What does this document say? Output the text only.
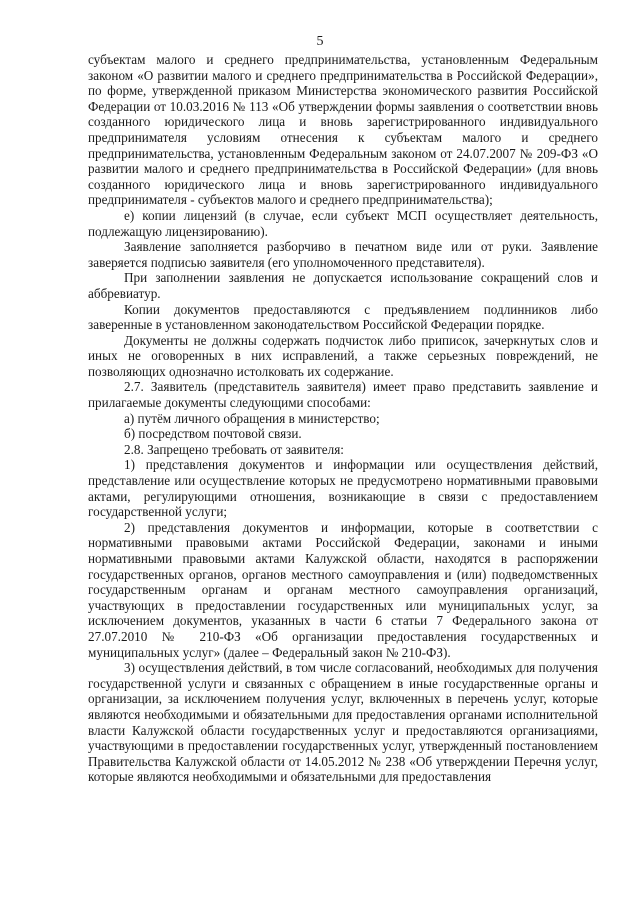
5

субъектам малого и среднего предпринимательства, установленным Федеральным законом «О развитии малого и среднего предпринимательства в Российской Федерации», по форме, утвержденной приказом Министерства экономического развития Российской Федерации от 10.03.2016 № 113 «Об утверждении формы заявления о соответствии вновь созданного юридического лица и вновь зарегистрированного индивидуального предпринимателя условиям отнесения к субъектам малого и среднего предпринимательства, установленным Федеральным законом от 24.07.2007 № 209-ФЗ «О развитии малого и среднего предпринимательства в Российской Федерации» (для вновь созданного юридического лица и вновь зарегистрированного индивидуального предпринимателя - субъектов малого и среднего предпринимательства);

е) копии лицензий (в случае, если субъект МСП осуществляет деятельность, подлежащую лицензированию).

Заявление заполняется разборчиво в печатном виде или от руки. Заявление заверяется подписью заявителя (его уполномоченного представителя).

При заполнении заявления не допускается использование сокращений слов и аббревиатур.

Копии документов предоставляются с предъявлением подлинников либо заверенные в установленном законодательством Российской Федерации порядке.

Документы не должны содержать подчисток либо приписок, зачеркнутых слов и иных не оговоренных в них исправлений, а также серьезных повреждений, не позволяющих однозначно истолковать их содержание.

2.7. Заявитель (представитель заявителя) имеет право представить заявление и прилагаемые документы следующими способами:

а) путём личного обращения в министерство;

б) посредством почтовой связи.

2.8. Запрещено требовать от заявителя:

1) представления документов и информации или осуществления действий, представление или осуществление которых не предусмотрено нормативными правовыми актами, регулирующими отношения, возникающие в связи с предоставлением государственной услуги;

2) представления документов и информации, которые в соответствии с нормативными правовыми актами Российской Федерации, законами и иными нормативными правовыми актами Калужской области, находятся в распоряжении государственных органов, органов местного самоуправления и (или) подведомственных государственным органам и органам местного самоуправления организаций, участвующих в предоставлении государственных или муниципальных услуг, за исключением документов, указанных в части 6 статьи 7 Федерального закона от 27.07.2010 № 210-ФЗ «Об организации предоставления государственных и муниципальных услуг» (далее – Федеральный закон № 210-ФЗ).

3) осуществления действий, в том числе согласований, необходимых для получения государственной услуги и связанных с обращением в иные государственные органы и организации, за исключением получения услуг, включенных в перечень услуг, которые являются необходимыми и обязательными для предоставления органами исполнительной власти Калужской области государственных услуг и предоставляются организациями, участвующими в предоставлении государственных услуг, утвержденный постановлением Правительства Калужской области от 14.05.2012 № 238 «Об утверждении Перечня услуг, которые являются необходимыми и обязательными для предоставления
